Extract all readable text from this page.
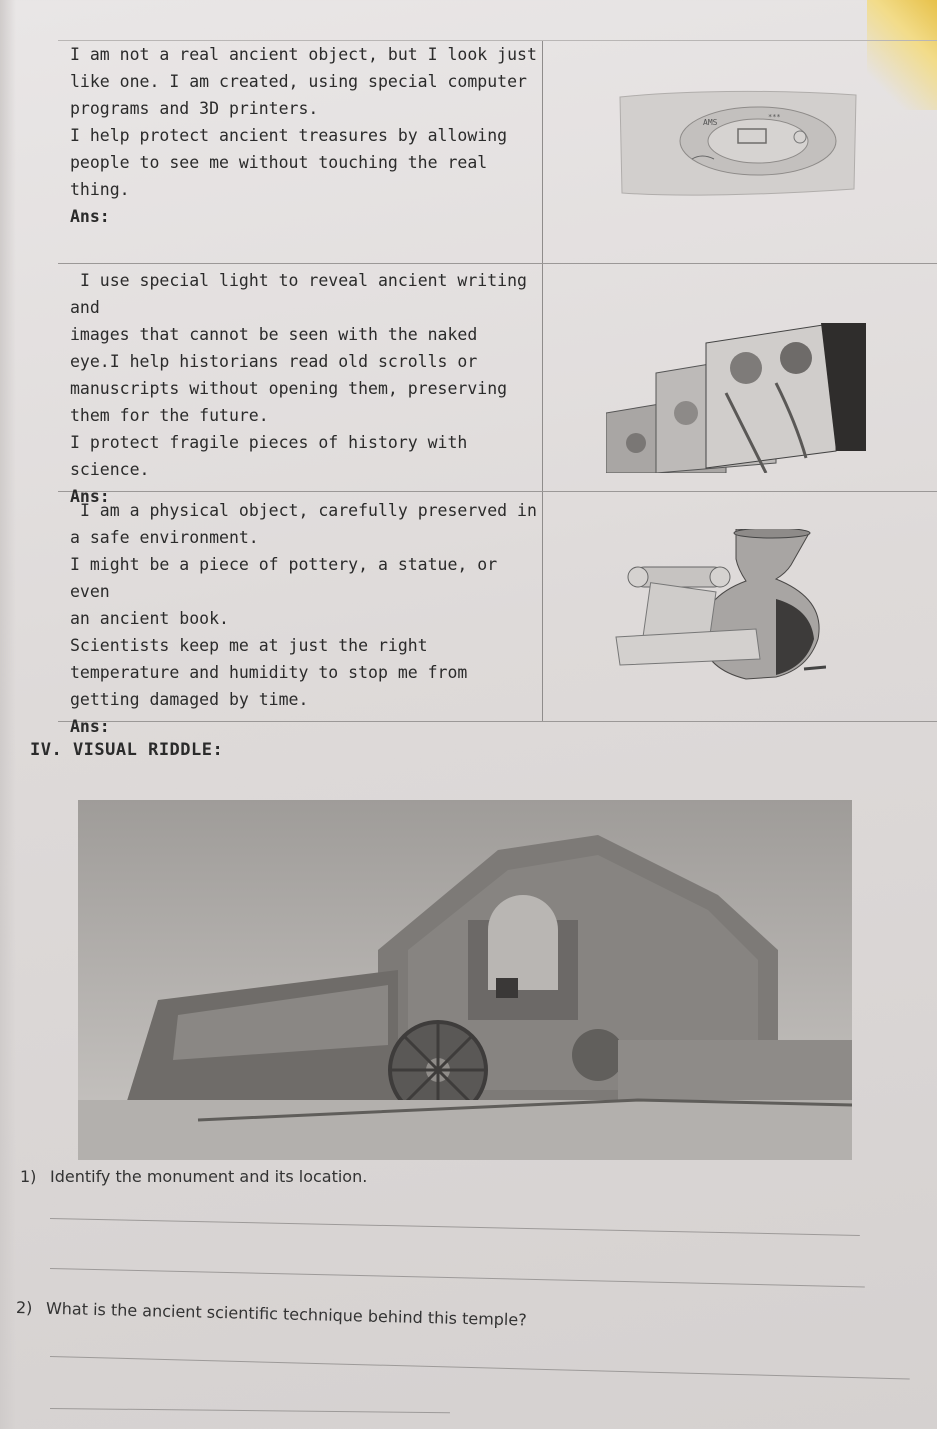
I am not a real ancient object, but I look just
like one. I am created, using special computer
programs and 3D printers.
I help protect ancient treasures by allowing
people to see me without touching the real
thing.
Ans:
AMS
***
I use special light to reveal ancient writing and
images that cannot be seen with the naked
eye.I help historians read old scrolls or
manuscripts without opening them, preserving
them for the future.
I protect fragile pieces of history with science.
Ans:
I am a physical object, carefully preserved in
a safe environment.
I might be a piece of pottery, a statue, or even
an ancient book.
Scientists keep me at just the right
temperature and humidity to stop me from
getting damaged by time.
Ans:
IV. VISUAL RIDDLE:
1) Identify the monument and its location.
2) What is the ancient scientific technique behind this temple?
